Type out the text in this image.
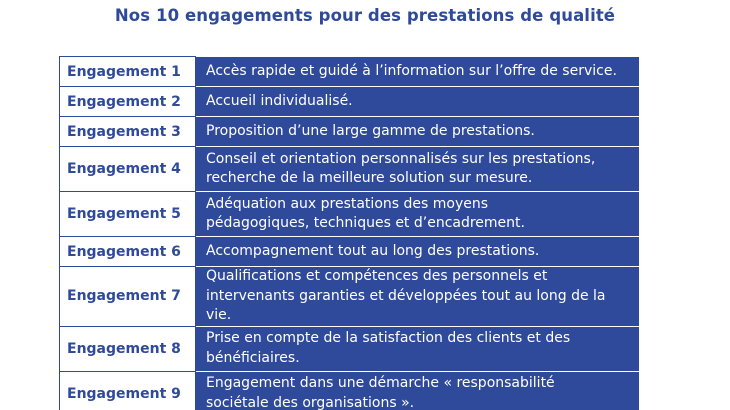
Nos 10 engagements pour des prestations de qualité
Engagement 1	Accès rapide et guidé à l’information sur l’offre de service.

Engagement 2	Accueil individualisé.

Engagement 3	Proposition d’une large gamme de prestations.

Engagement 4	Conseil et orientation personnalisés sur les prestations,
recherche de la meilleure solution sur mesure.

Engagement 5	Adéquation aux prestations des moyens
pédagogiques, techniques et d’encadrement.

Engagement 6	Accompagnement tout au long des prestations.

Engagement 7	Qualifications et compétences des personnels et
intervenants garanties et développées tout au long de la vie.

Engagement 8	Prise en compte de la satisfaction des clients et des
bénéficiaires.

Engagement 9	Engagement dans une démarche « responsabilité
sociétale des organisations ».
